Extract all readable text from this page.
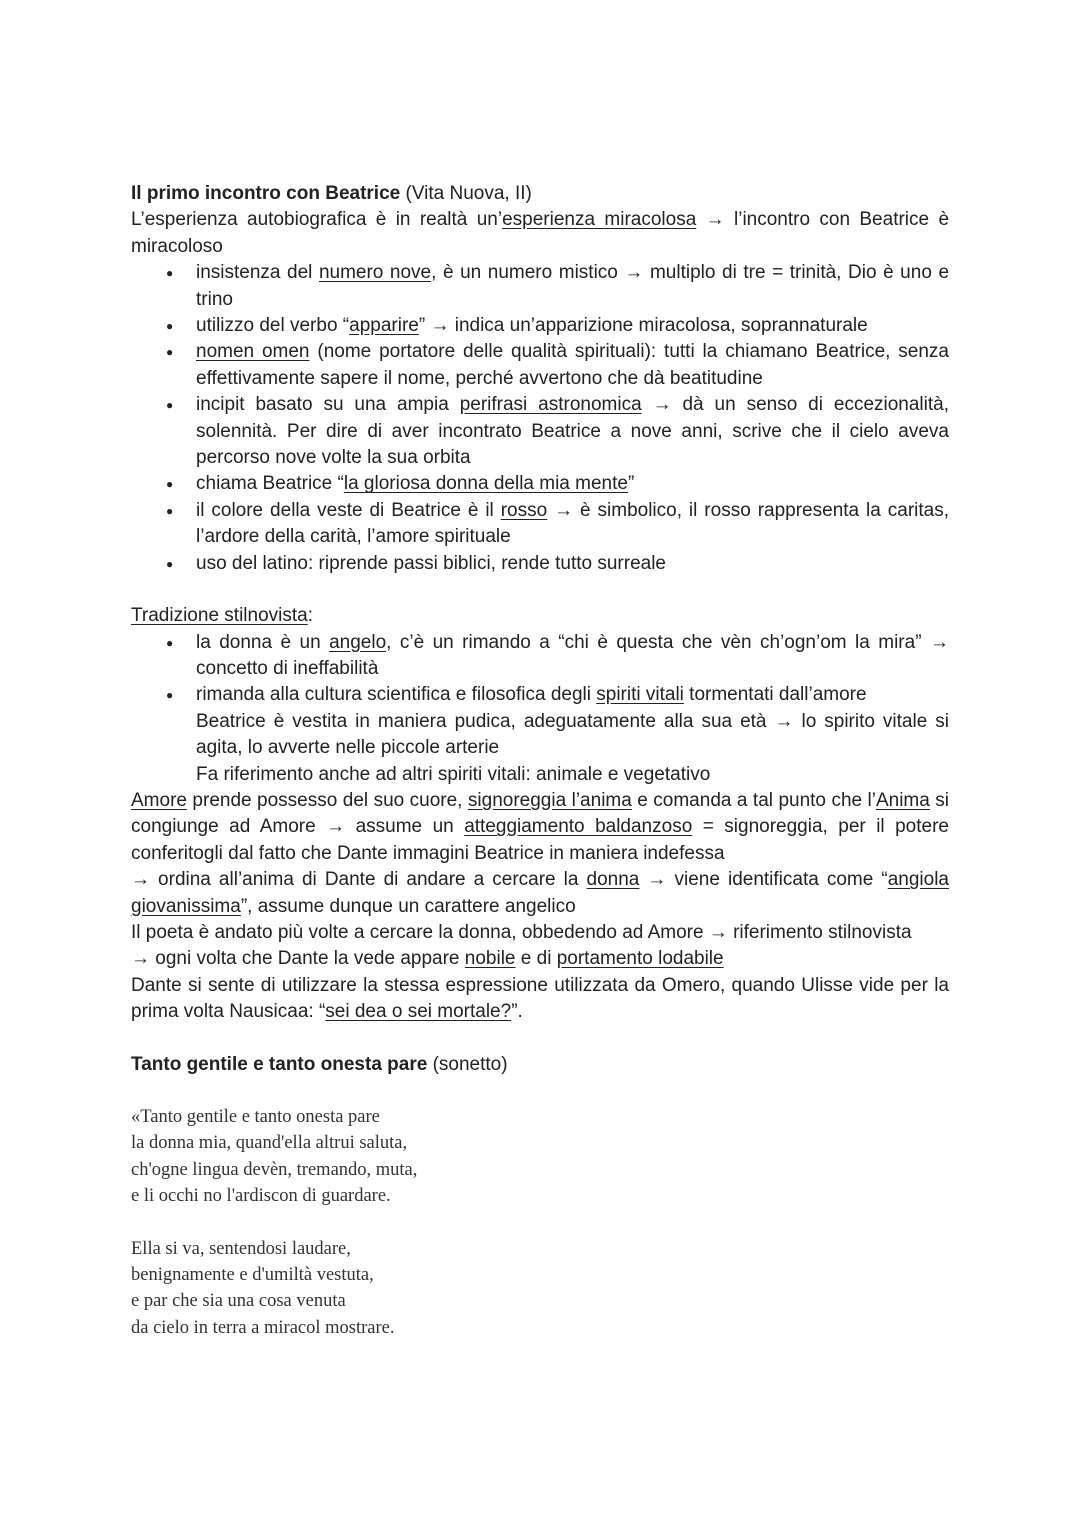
Il primo incontro con Beatrice (Vita Nuova, II)

L’esperienza autobiografica è in realtà un’esperienza miracolosa → l’incontro con Beatrice è miracoloso

● insistenza del numero nove, è un numero mistico → multiplo di tre = trinità, Dio è uno e trino
● utilizzo del verbo “apparire” → indica un’apparizione miracolosa, soprannaturale
● nomen omen (nome portatore delle qualità spirituali): tutti la chiamano Beatrice, senza effettivamente sapere il nome, perché avvertono che dà beatitudine
● incipit basato su una ampia perifrasi astronomica → dà un senso di eccezionalità, solennità. Per dire di aver incontrato Beatrice a nove anni, scrive che il cielo aveva percorso nove volte la sua orbita
● chiama Beatrice “la gloriosa donna della mia mente”
● il colore della veste di Beatrice è il rosso → è simbolico, il rosso rappresenta la caritas, l’ardore della carità, l’amore spirituale
● uso del latino: riprende passi biblici, rende tutto surreale

Tradizione stilnovista:

● la donna è un angelo, c’è un rimando a “chi è questa che vèn ch’ogn’om la mira” → concetto di ineffabilità
● rimanda alla cultura scientifica e filosofica degli spiriti vitali tormentati dall’amore
Beatrice è vestita in maniera pudica, adeguatamente alla sua età → lo spirito vitale si agita, lo avverte nelle piccole arterie
Fa riferimento anche ad altri spiriti vitali: animale e vegetativo

Amore prende possesso del suo cuore, signoreggia l’anima e comanda a tal punto che l’Anima si congiunge ad Amore → assume un atteggiamento baldanzoso = signoreggia, per il potere conferitogli dal fatto che Dante immagini Beatrice in maniera indefessa

→ ordina all’anima di Dante di andare a cercare la donna → viene identificata come “angiola giovanissima”, assume dunque un carattere angelico

Il poeta è andato più volte a cercare la donna, obbedendo ad Amore → riferimento stilnovista

→ ogni volta che Dante la vede appare nobile e di portamento lodabile

Dante si sente di utilizzare la stessa espressione utilizzata da Omero, quando Ulisse vide per la prima volta Nausicaa: “sei dea o sei mortale?”.

Tanto gentile e tanto onesta pare (sonetto)

«Tanto gentile e tanto onesta pare
la donna mia, quand'ella altrui saluta,
ch'ogne lingua devèn, tremando, muta,
e li occhi no l'ardiscon di guardare.
Ella si va, sentendosi laudare,
benignamente e d'umiltà vestuta,
e par che sia una cosa venuta
da cielo in terra a miracol mostrare.
